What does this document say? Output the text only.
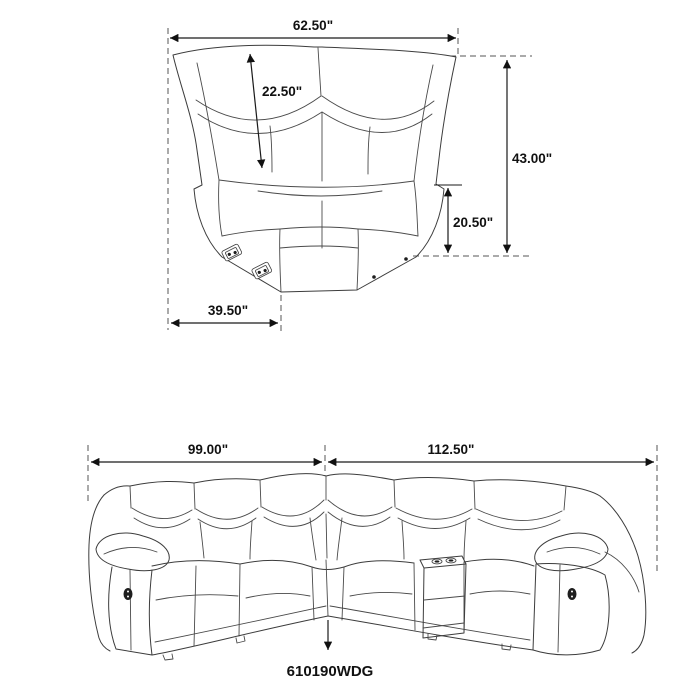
62.50"
22.50"
43.00"
20.50"
39.50"
99.00"	112.50"
610190WDG
